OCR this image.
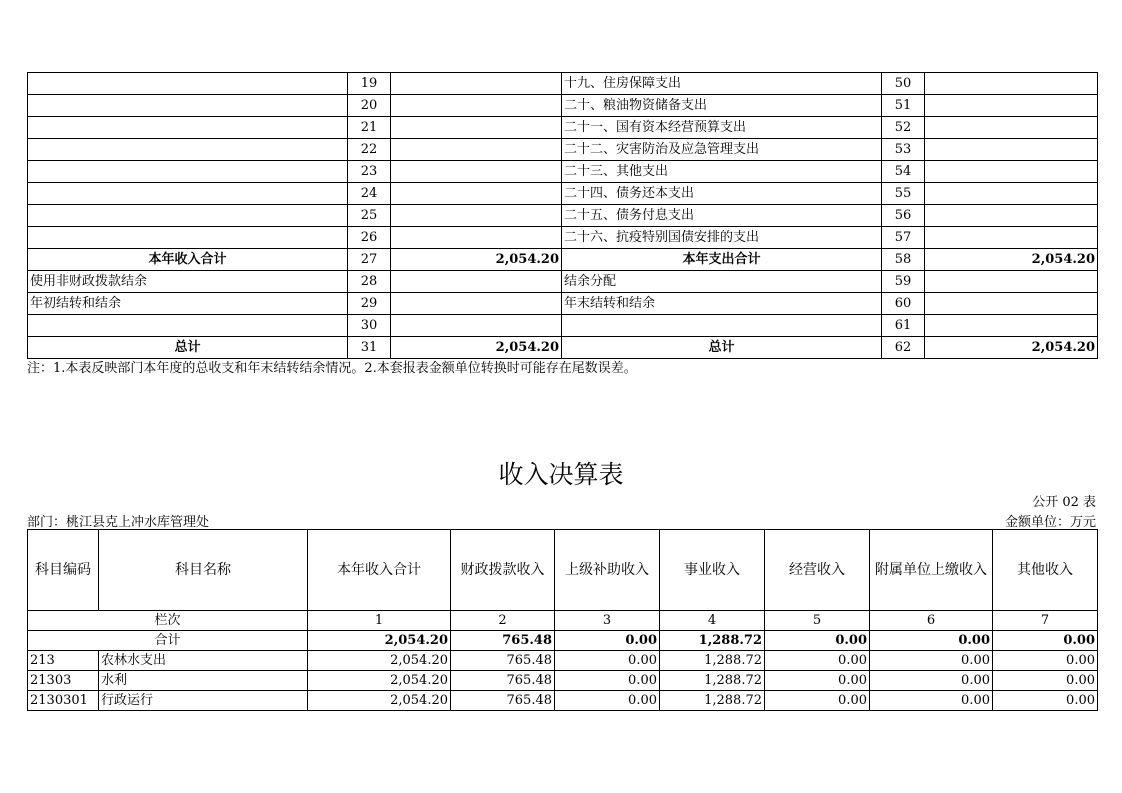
	19		十九、住房保障支出	50	
	20		二十、粮油物资储备支出	51	
	21		二十一、国有资本经营预算支出	52	
	22		二十二、灾害防治及应急管理支出	53	
	23		二十三、其他支出	54	
	24		二十四、债务还本支出	55	
	25		二十五、债务付息支出	56	
	26		二十六、抗疫特别国债安排的支出	57	
本年收入合计	27	2,054.20	本年支出合计	58	2,054.20
使用非财政拨款结余	28		结余分配	59	
年初结转和结余	29		年末结转和结余	60	
	30			61	
总计	31	2,054.20	总计	62	2,054.20
注：1.本表反映部门本年度的总收支和年末结转结余情况。2.本套报表金额单位转换时可能存在尾数误差。
收入决算表
公开 02 表
部门：桃江县克上冲水库管理处	金额单位：万元
科目编码	科目名称	本年收入合计	财政拨款收入	上级补助收入	事业收入	经营收入	附属单位上缴收入	其他收入
栏次		1	2	3	4	5	6	7
合计		2,054.20	765.48	0.00	1,288.72	0.00	0.00	0.00
213	农林水支出	2,054.20	765.48	0.00	1,288.72	0.00	0.00	0.00
21303	水利	2,054.20	765.48	0.00	1,288.72	0.00	0.00	0.00
2130301	行政运行	2,054.20	765.48	0.00	1,288.72	0.00	0.00	0.00
